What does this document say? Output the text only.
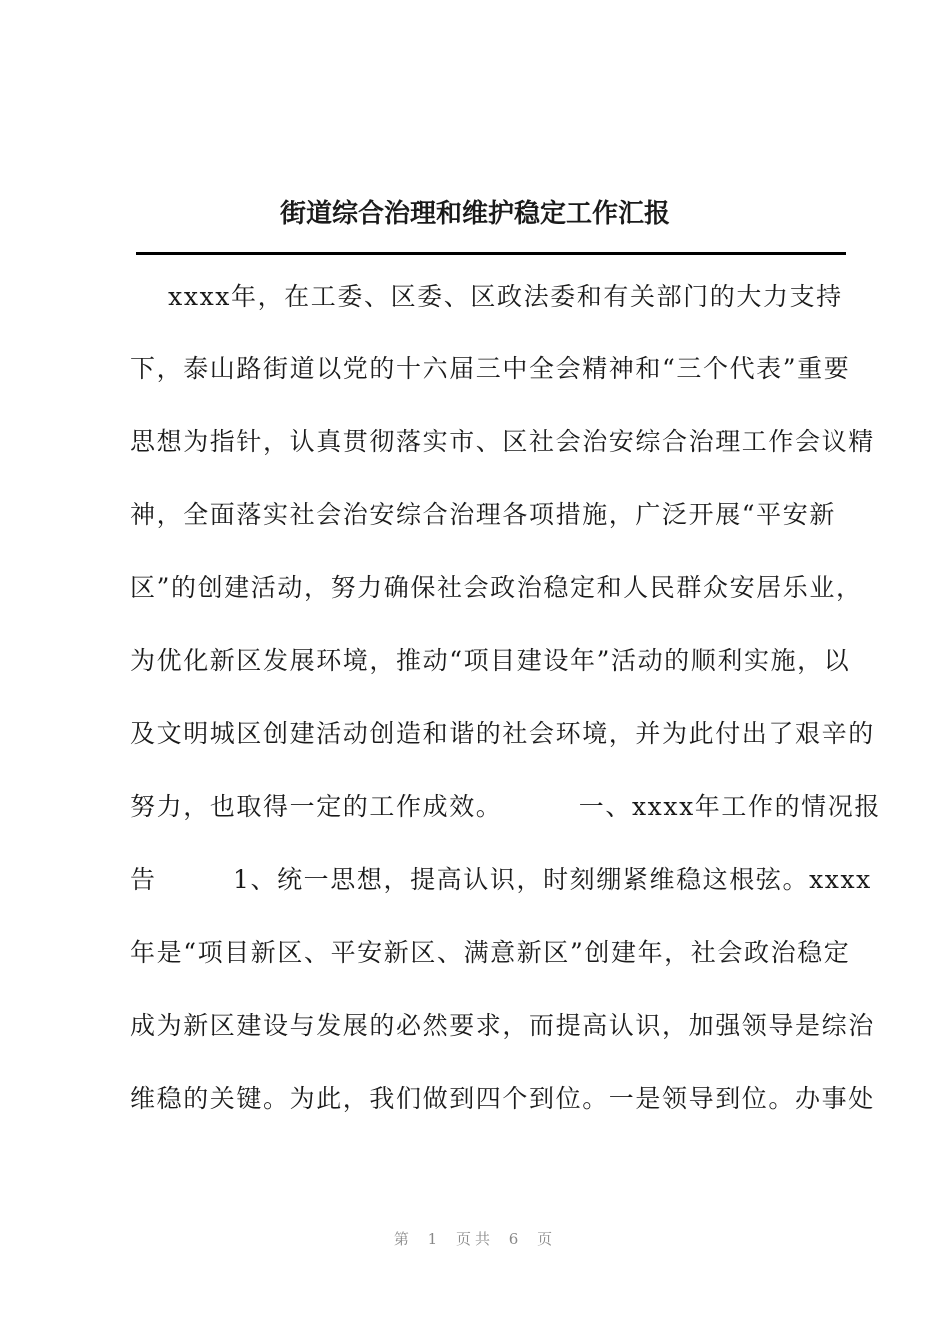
街道综合治理和维护稳定工作汇报
xxxx年，在工委、区委、区政法委和有关部门的大力支持
下，泰山路街道以党的十六届三中全会精神和“三个代表”重要
思想为指针，认真贯彻落实市、区社会治安综合治理工作会议精
神，全面落实社会治安综合治理各项措施，广泛开展“平安新
区”的创建活动，努力确保社会政治稳定和人民群众安居乐业，
为优化新区发展环境，推动“项目建设年”活动的顺利实施，以
及文明城区创建活动创造和谐的社会环境，并为此付出了艰辛的
努力，也取得一定的工作成效。        一、xxxx年工作的情况报
告        1、统一思想，提高认识，时刻绷紧维稳这根弦。xxxx
年是“项目新区、平安新区、满意新区”创建年，社会政治稳定
成为新区建设与发展的必然要求，而提高认识，加强领导是综治
维稳的关键。为此，我们做到四个到位。一是领导到位。办事处
第 1 页共 6 页
